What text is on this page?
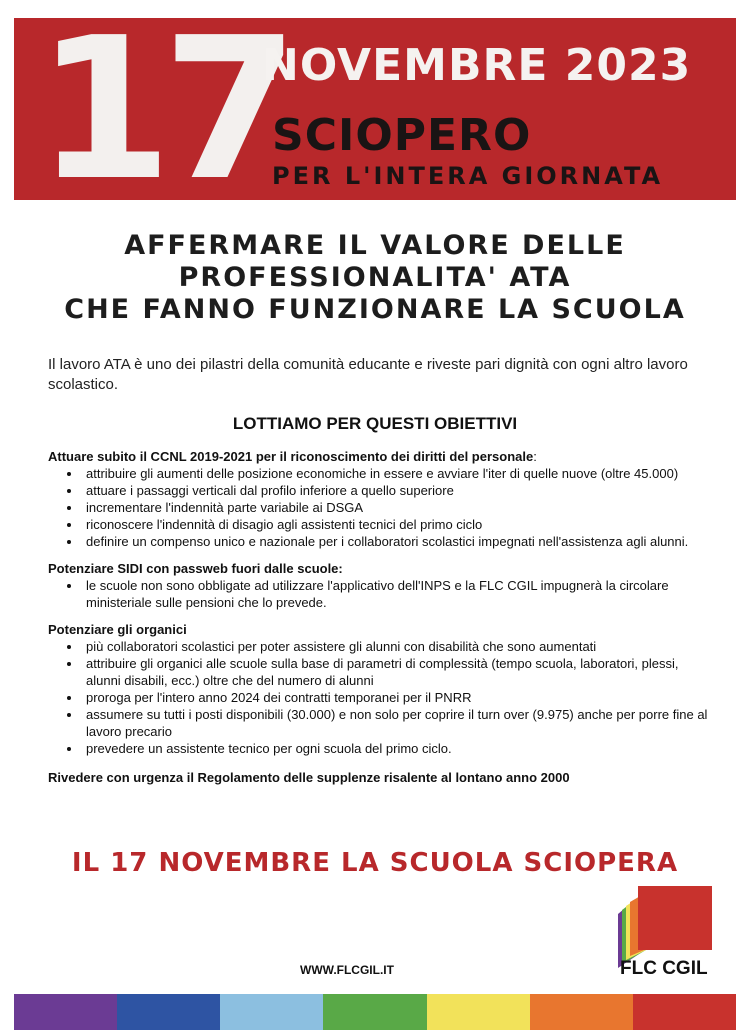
17
NOVEMBRE 2023
SCIOPERO
PER L'INTERA GIORNATA
AFFERMARE IL VALORE DELLE
PROFESSIONALITA' ATA
CHE FANNO FUNZIONARE LA SCUOLA
Il lavoro ATA è uno dei pilastri della comunità educante e riveste pari dignità con ogni altro lavoro scolastico.
LOTTIAMO PER QUESTI OBIETTIVI
Attuare subito il CCNL 2019-2021 per il riconoscimento dei diritti del personale:
• attribuire gli aumenti delle posizione economiche in essere e avviare l'iter di quelle nuove (oltre 45.000)
• attuare i passaggi verticali dal profilo inferiore a quello superiore
• incrementare l'indennità parte variabile ai DSGA
• riconoscere l'indennità di disagio agli assistenti tecnici del primo ciclo
• definire un compenso unico e nazionale per i collaboratori scolastici impegnati nell'assistenza agli alunni.
Potenziare SIDI con passweb fuori dalle scuole:
• le scuole non sono obbligate ad utilizzare l'applicativo dell'INPS e la FLC CGIL impugnerà la circolare ministeriale sulle pensioni che lo prevede.
Potenziare gli organici
• più collaboratori scolastici per poter assistere gli alunni con disabilità che sono aumentati
• attribuire gli organici alle scuole sulla base di parametri di complessità (tempo scuola, laboratori, plessi, alunni disabili, ecc.) oltre che del numero di alunni
• proroga per l'intero anno 2024 dei contratti temporanei per il PNRR
• assumere su tutti i posti disponibili (30.000) e non solo per coprire il turn over (9.975) anche per porre fine al lavoro precario
• prevedere un assistente tecnico per ogni scuola del primo ciclo.
Rivedere con urgenza il Regolamento delle supplenze risalente al lontano anno 2000
IL 17 NOVEMBRE LA SCUOLA SCIOPERA
WWW.FLCGIL.IT	FLC CGIL
